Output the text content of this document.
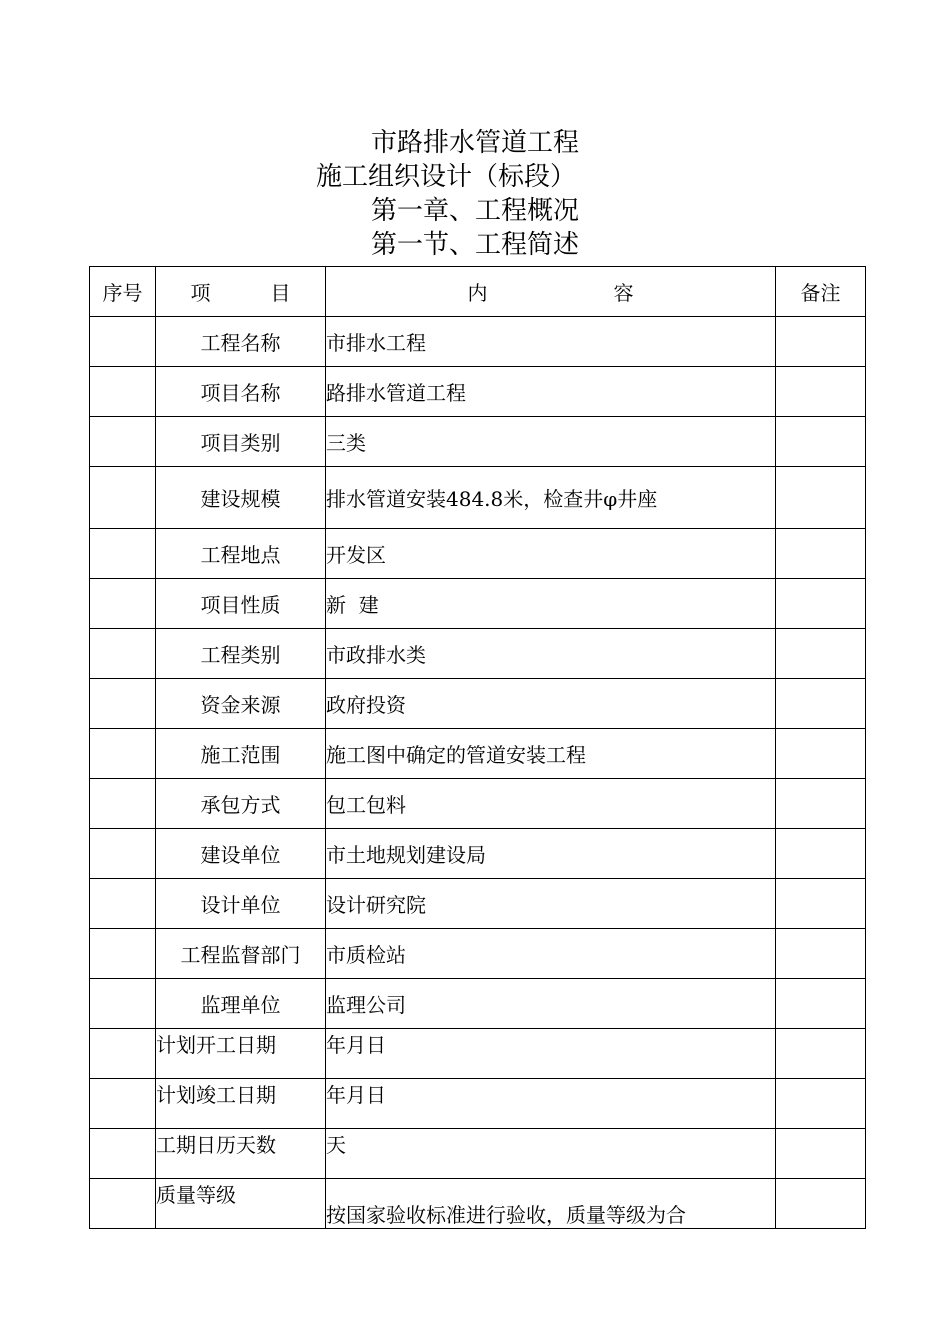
市路排水管道工程
施工组织设计（标段）
第一章、工程概况
第一节、工程简述
序号	项 目	内 容	备注
	工程名称	市排水工程	
	项目名称	路排水管道工程	
	项目类别	三类	
	建设规模	排水管道安装484.8米，检查井φ井座	
	工程地点	开发区	
	项目性质	新  建	
	工程类别	市政排水类	
	资金来源	政府投资	
	施工范围	施工图中确定的管道安装工程	
	承包方式	包工包料	
	建设单位	市土地规划建设局	
	设计单位	设计研究院	
	工程监督部门	市质检站	
	监理单位	监理公司	
	计划开工日期	年月日	
	计划竣工日期	年月日	
	工期日历天数	天	
	质量等级	按国家验收标准进行验收，质量等级为合	
